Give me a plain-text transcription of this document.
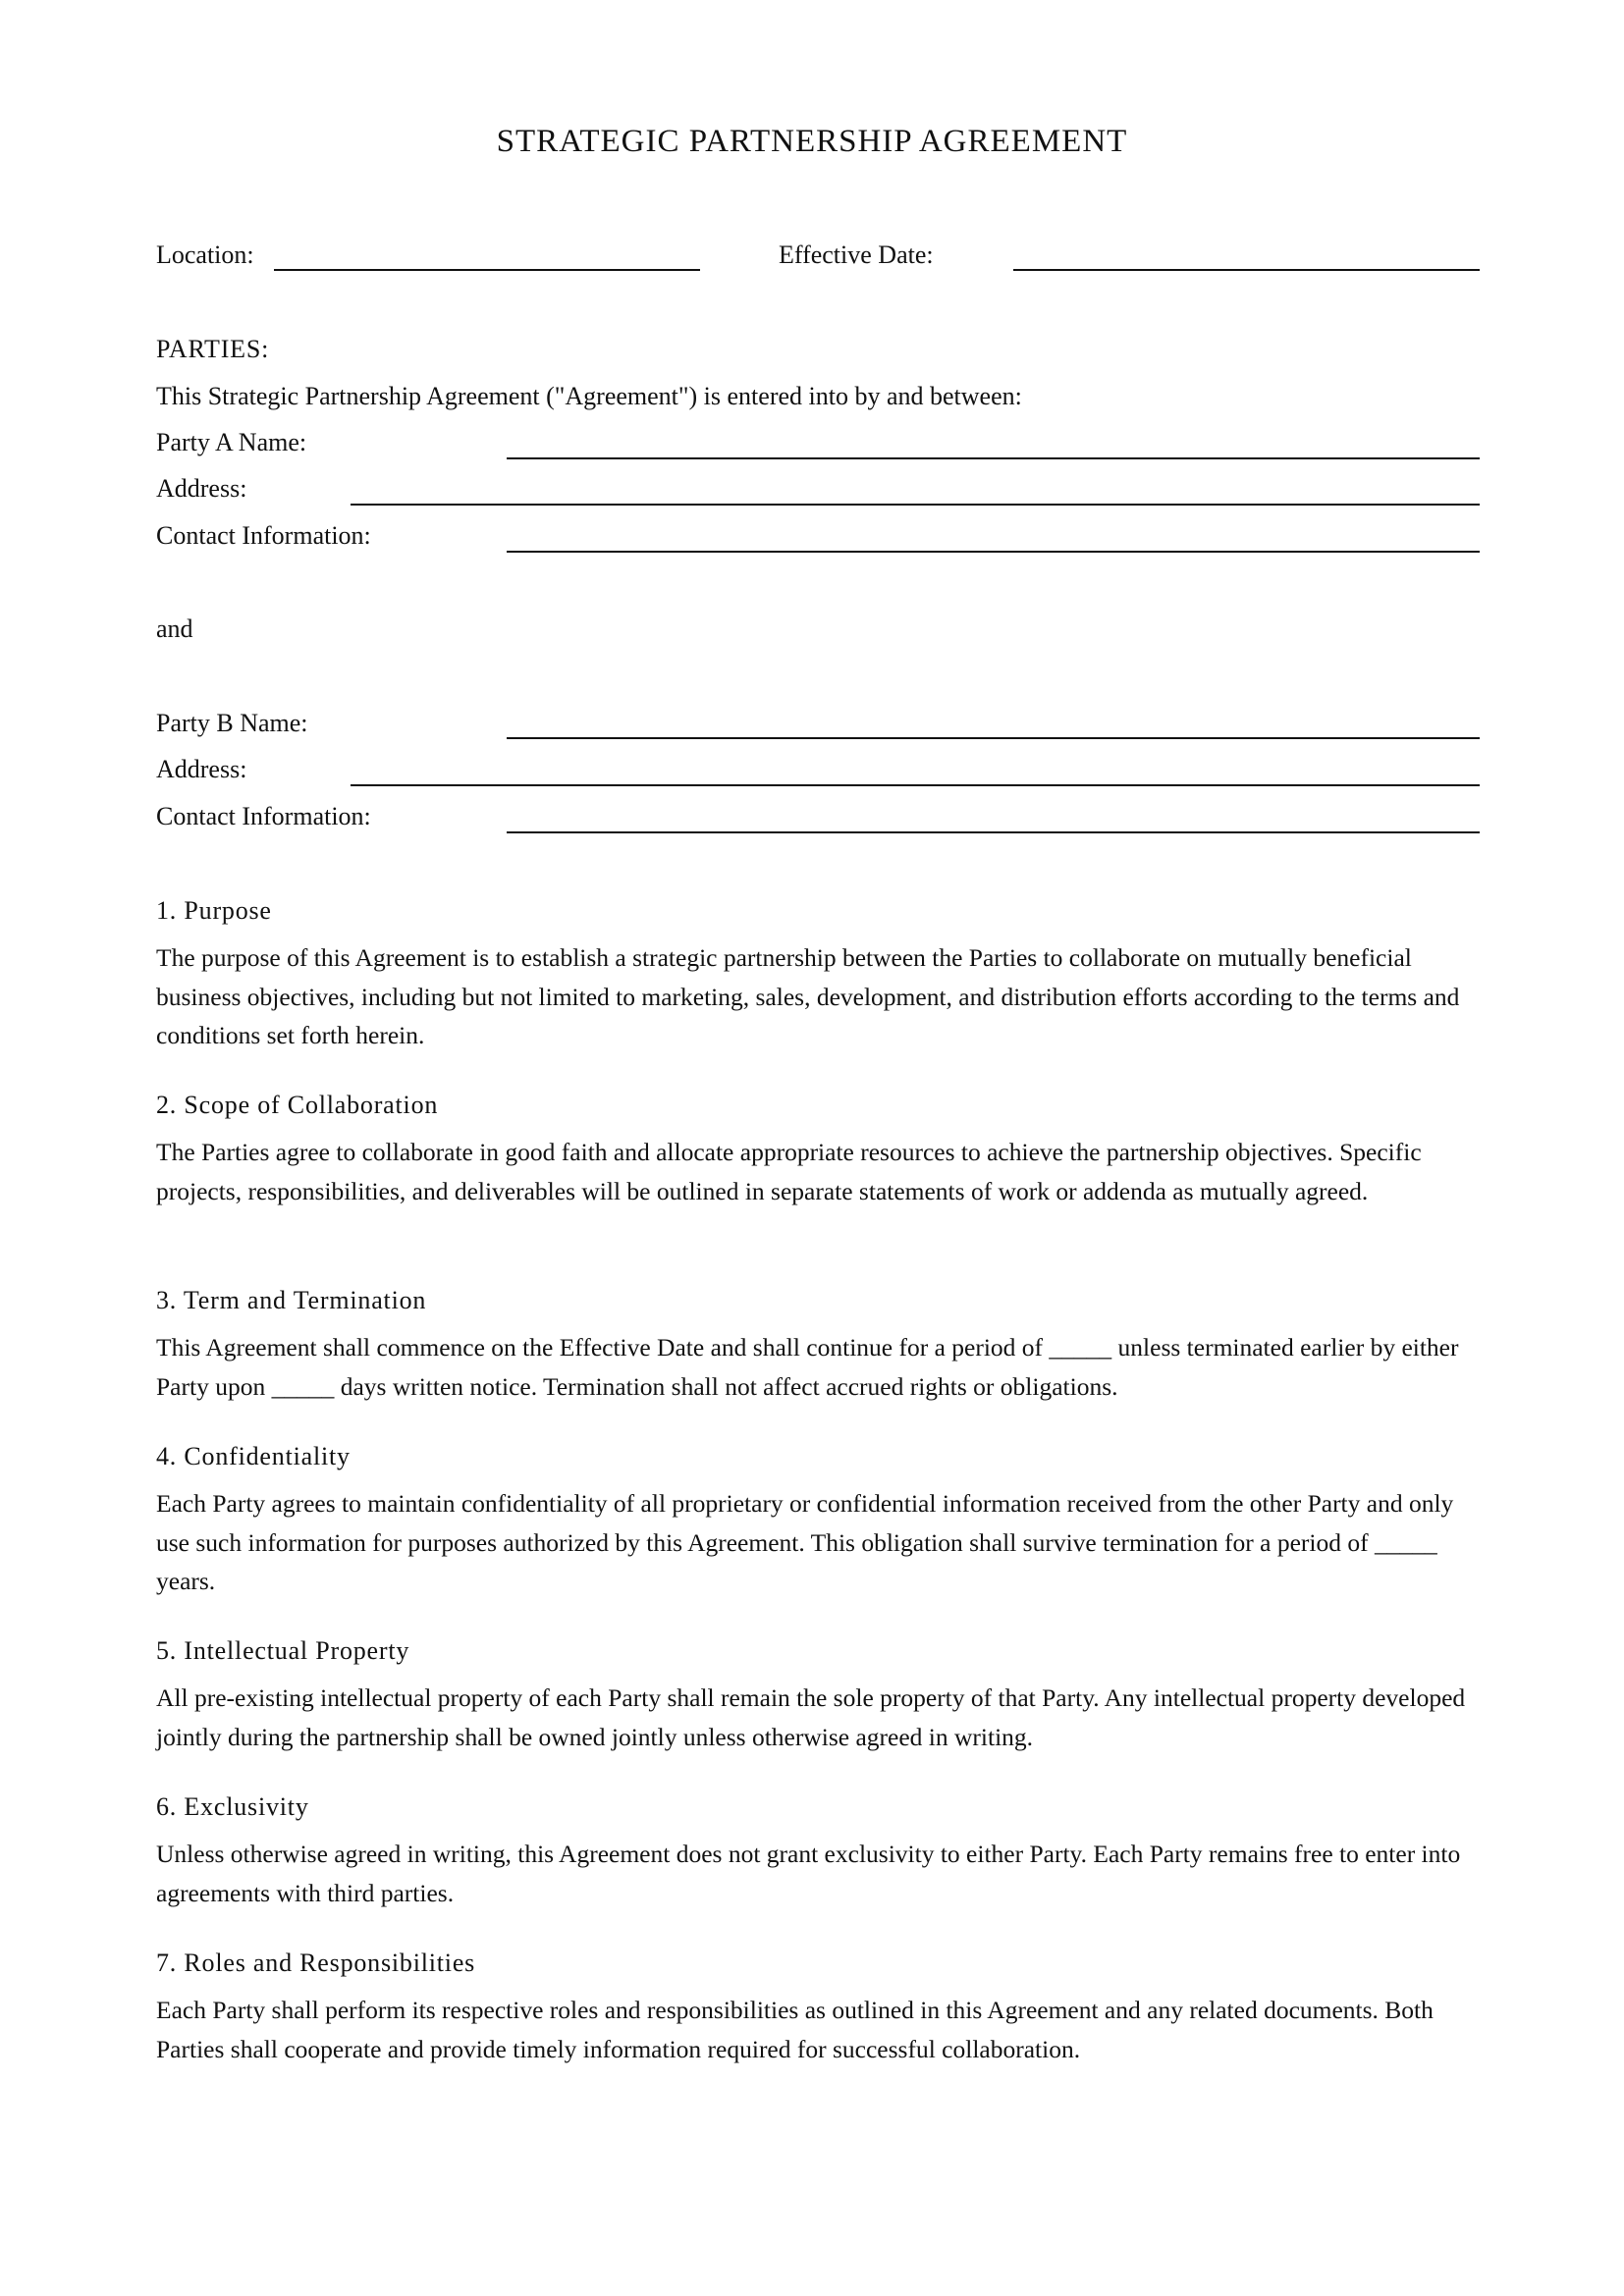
STRATEGIC PARTNERSHIP AGREEMENT
Location:	Effective Date:
PARTIES:
This Strategic Partnership Agreement ("Agreement") is entered into by and between:
Party A Name:
Address:
Contact Information:
and
Party B Name:
Address:
Contact Information:
1. Purpose

The purpose of this Agreement is to establish a strategic partnership between the Parties to collaborate on mutually beneficial business objectives, including but not limited to marketing, sales, development, and distribution efforts according to the terms and conditions set forth herein.

2. Scope of Collaboration

The Parties agree to collaborate in good faith and allocate appropriate resources to achieve the partnership objectives. Specific projects, responsibilities, and deliverables will be outlined in separate statements of work or addenda as mutually agreed.

3. Term and Termination

This Agreement shall commence on the Effective Date and shall continue for a period of _____ unless terminated earlier by either Party upon _____ days written notice. Termination shall not affect accrued rights or obligations.

4. Confidentiality

Each Party agrees to maintain confidentiality of all proprietary or confidential information received from the other Party and only use such information for purposes authorized by this Agreement. This obligation shall survive termination for a period of _____ years.

5. Intellectual Property

All pre-existing intellectual property of each Party shall remain the sole property of that Party. Any intellectual property developed jointly during the partnership shall be owned jointly unless otherwise agreed in writing.

6. Exclusivity

Unless otherwise agreed in writing, this Agreement does not grant exclusivity to either Party. Each Party remains free to enter into agreements with third parties.

7. Roles and Responsibilities

Each Party shall perform its respective roles and responsibilities as outlined in this Agreement and any related documents. Both Parties shall cooperate and provide timely information required for successful collaboration.
